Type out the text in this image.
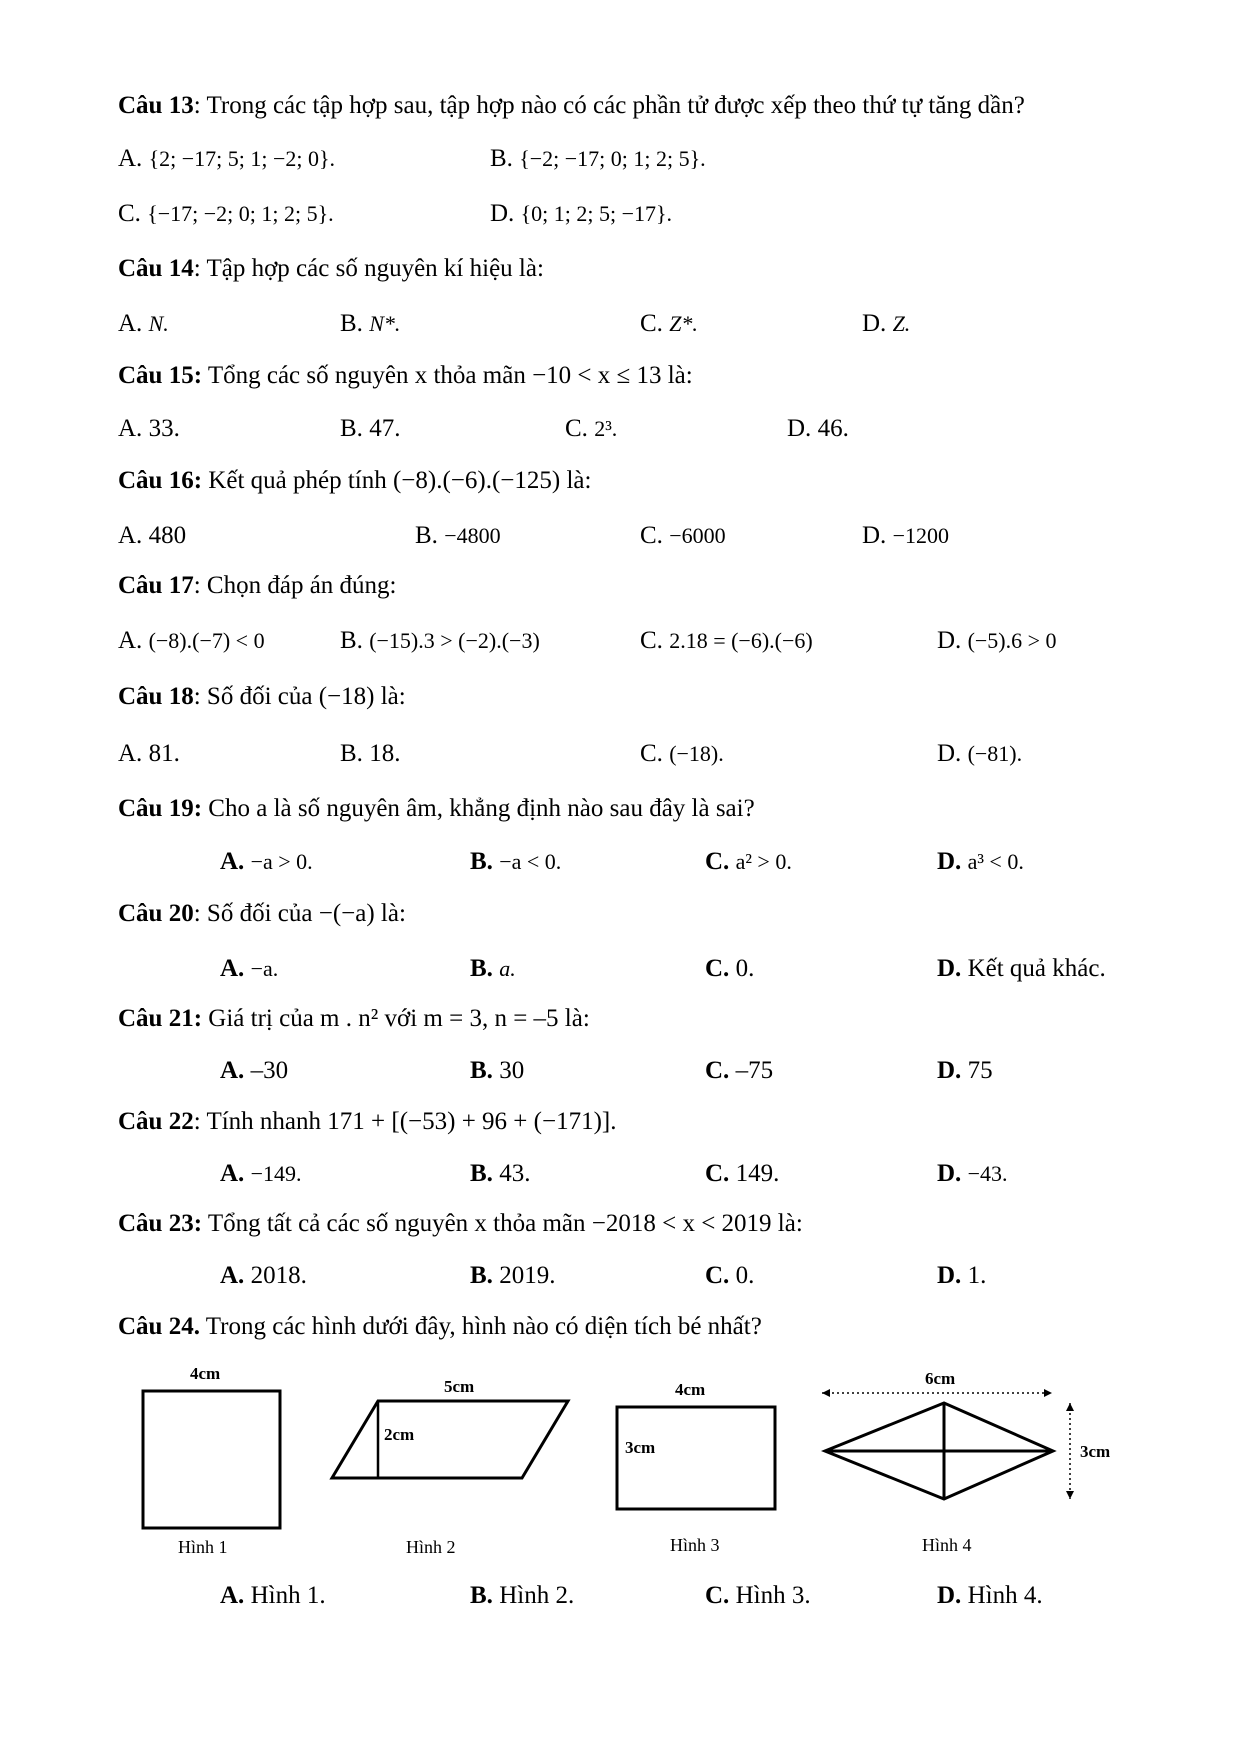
Câu 13: Trong các tập hợp sau, tập hợp nào có các phần tử được xếp theo thứ tự tăng dần?
A. {2; −17; 5; 1; −2; 0}.	B. {−2; −17; 0; 1; 2; 5}.
C. {−17; −2; 0; 1; 2; 5}.	D. {0; 1; 2; 5; −17}.
Câu 14: Tập hợp các số nguyên kí hiệu là:
A. N.	B. N*.	C. Z*.	D. Z.
Câu 15: Tổng các số nguyên x thỏa mãn −10 < x ≤ 13 là:
A. 33.	B. 47.	C. 2³.	D. 46.
Câu 16: Kết quả phép tính (−8).(−6).(−125) là:
A. 480	B. −4800	C. −6000	D. −1200
Câu 17: Chọn đáp án đúng:
A. (−8).(−7) < 0	B. (−15).3 > (−2).(−3)	C. 2.18 = (−6).(−6)	D. (−5).6 > 0
Câu 18: Số đối của (−18) là:
A. 81.	B. 18.	C. (−18).	D. (−81).
Câu 19: Cho a là số nguyên âm, khẳng định nào sau đây là sai?
A. −a > 0.	B. −a < 0.	C. a² > 0.	D. a³ < 0.
Câu 20: Số đối của −(−a) là:
A. −a.	B. a.	C. 0.	D. Kết quả khác.
Câu 21: Giá trị của m . n² với m = 3, n = –5 là:
A. –30	B. 30	C. –75	D. 75
Câu 22: Tính nhanh 171 + [(−53) + 96 + (−171)].
A. −149.	B. 43.	C. 149.	D. −43.
Câu 23: Tổng tất cả các số nguyên x thỏa mãn −2018 < x < 2019 là:
A. 2018.	B. 2019.	C. 0.	D. 1.
Câu 24. Trong các hình dưới đây, hình nào có diện tích bé nhất?
4cm
Hình 1
5cm
2cm
Hình 2
4cm
3cm
Hình 3
6cm
3cm
Hình 4
A. Hình 1.	B. Hình 2.	C. Hình 3.	D. Hình 4.
